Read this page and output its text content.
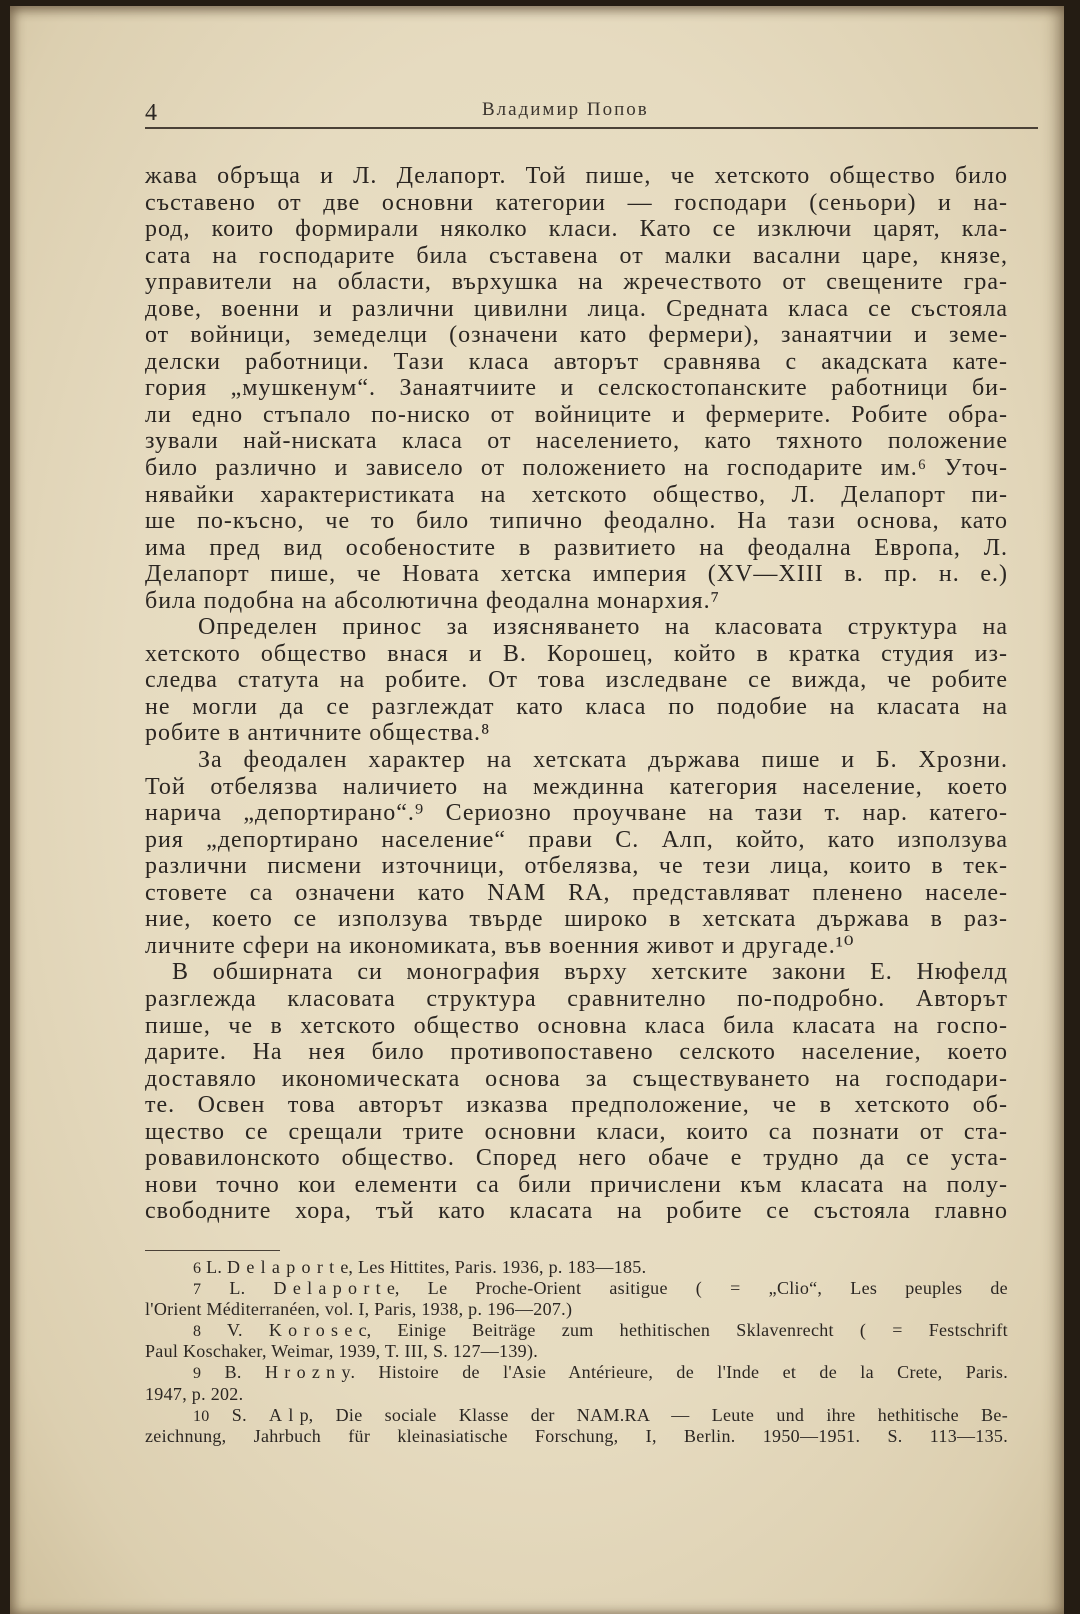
4	Владимир Попов
жава обръща и Л. Делапорт. Той пише, че хетското общество било
съставено от две основни категории — господари (сеньори) и на-
род, които формирали няколко класи. Като се изключи царят, кла-
сата на господарите била съставена от малки васални царе, князе,
управители на области, върхушка на жречеството от свещените гра-
дове, военни и различни цивилни лица. Средната класа се състояла
от войници, земеделци (означени като фермери), занаятчии и земе-
делски работници. Тази класа авторът сравнява с акадската кате-
гория „мушкенум“. Занаятчиите и селскостопанските работници би-
ли едно стъпало по-ниско от войниците и фермерите. Робите обра-
зували най-ниската класа от населението, като тяхното положение
било различно и зависело от положението на господарите им.⁶ Уточ-
нявайки характеристиката на хетското общество, Л. Делапорт пи-
ше по-късно, че то било типично феодално. На тази основа, като
има пред вид особеностите в развитието на феодална Европа, Л.
Делапорт пише, че Новата хетска империя (XV—XIII в. пр. н. е.)
била подобна на абсолютична феодална монархия.⁷
Определен принос за изясняването на класовата структура на
хетското общество внася и В. Корошец, който в кратка студия из-
следва статута на робите. От това изследване се вижда, че робите
не могли да се разглеждат като класа по подобие на класата на
робите в античните общества.⁸
За феодален характер на хетската държава пише и Б. Хрозни.
Той отбелязва наличието на междинна категория население, което
нарича „депортирано“.⁹ Сериозно проучване на тази т. нар. катего-
рия „депортирано население“ прави С. Алп, който, като използува
различни писмени източници, отбелязва, че тези лица, които в тек-
стовете са означени като NAM RA, представляват пленено населе-
ние, което се използува твърде широко в хетската държава в раз-
личните сфери на икономиката, във военния живот и другаде.¹⁰
В обширната си монография върху хетските закони Е. Нюфелд
разглежда класовата структура сравнително по-подробно. Авторът
пише, че в хетското общество основна класа била класата на госпо-
дарите. На нея било противопоставено селското население, което
доставяло икономическата основа за съществуването на господари-
те. Освен това авторът изказва предположение, че в хетското об-
щество се срещали трите основни класи, които са познати от ста-
ровавилонското общество. Според него обаче е трудно да се уста-
нови точно кои елементи са били причислени към класата на полу-
свободните хора, тъй като класата на робите се състояла главно
6 L. Delaporte, Les Hittites, Paris. 1936, p. 183—185.
7 L. Delaporte, Le Proche-Orient asitigue ( = „Clio“, Les peuples de
l'Orient Méditerranéen, vol. I, Paris, 1938, p. 196—207.)
8 V. Korosec, Einige Beiträge zum hethitischen Sklavenrecht ( = Festschrift
Paul Koschaker, Weimar, 1939, T. III, S. 127—139).
9 B. Hrozny. Histoire de l'Asie Antérieure, de l'Inde et de la Crete, Paris.
1947, p. 202.
10 S. Alp, Die sociale Klasse der NAM.RA — Leute und ihre hethitische Be-
zeichnung, Jahrbuch für kleinasiatische Forschung, I, Berlin. 1950—1951. S. 113—135.
